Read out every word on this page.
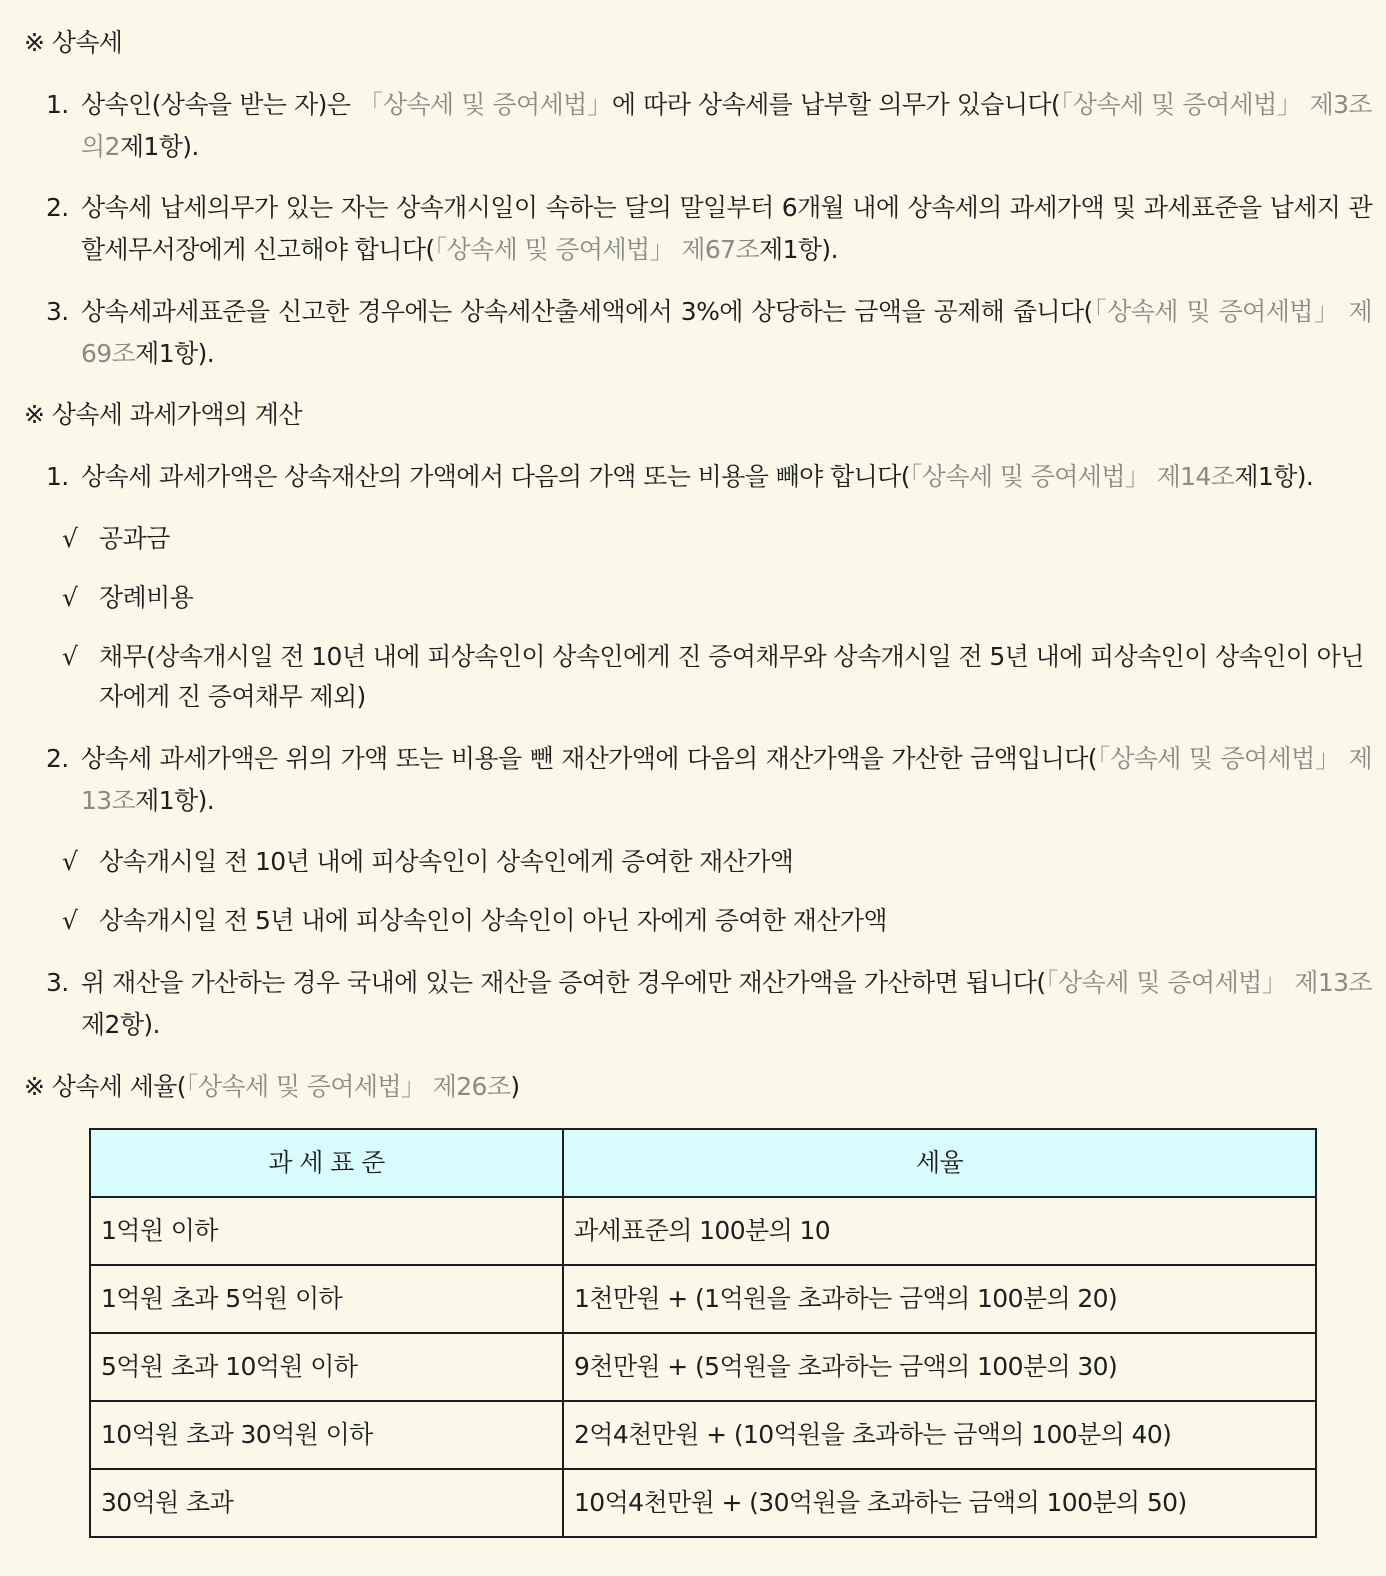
※ 상속세

1. 상속인(상속을 받는 자)은 「상속세 및 증여세법」에 따라 상속세를 납부할 의무가 있습니다(「상속세 및 증여세법」 제3조의2제1항).

2. 상속세 납세의무가 있는 자는 상속개시일이 속하는 달의 말일부터 6개월 내에 상속세의 과세가액 및 과세표준을 납세지 관할세무서장에게 신고해야 합니다(「상속세 및 증여세법」 제67조제1항).

3. 상속세과세표준을 신고한 경우에는 상속세산출세액에서 3%에 상당하는 금액을 공제해 줍니다(「상속세 및 증여세법」 제69조제1항).

※ 상속세 과세가액의 계산

1. 상속세 과세가액은 상속재산의 가액에서 다음의 가액 또는 비용을 빼야 합니다(「상속세 및 증여세법」 제14조제1항).

√ 공과금

√ 장례비용

√ 채무(상속개시일 전 10년 내에 피상속인이 상속인에게 진 증여채무와 상속개시일 전 5년 내에 피상속인이 상속인이 아닌 자에게 진 증여채무 제외)

2. 상속세 과세가액은 위의 가액 또는 비용을 뺀 재산가액에 다음의 재산가액을 가산한 금액입니다(「상속세 및 증여세법」 제13조제1항).

√ 상속개시일 전 10년 내에 피상속인이 상속인에게 증여한 재산가액

√ 상속개시일 전 5년 내에 피상속인이 상속인이 아닌 자에게 증여한 재산가액

3. 위 재산을 가산하는 경우 국내에 있는 재산을 증여한 경우에만 재산가액을 가산하면 됩니다(「상속세 및 증여세법」 제13조제2항).

※ 상속세 세율(「상속세 및 증여세법」 제26조)

과 세 표 준	세율
1억원 이하	과세표준의 100분의 10
1억원 초과 5억원 이하	1천만원 + (1억원을 초과하는 금액의 100분의 20)
5억원 초과 10억원 이하	9천만원 + (5억원을 초과하는 금액의 100분의 30)
10억원 초과 30억원 이하	2억4천만원 + (10억원을 초과하는 금액의 100분의 40)
30억원 초과	10억4천만원 + (30억원을 초과하는 금액의 100분의 50)
